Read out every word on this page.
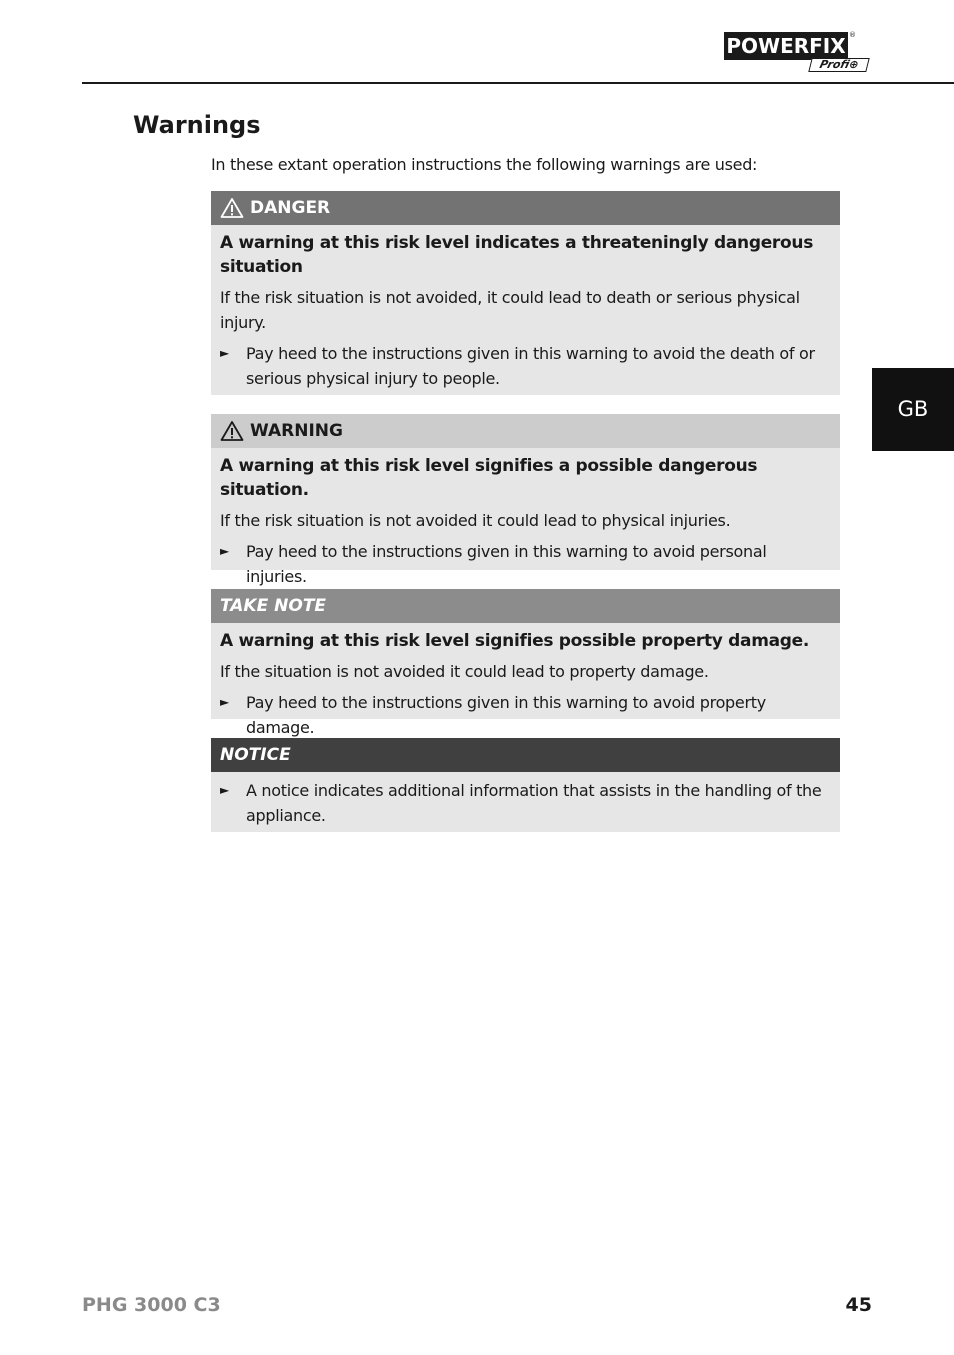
POWERFIX ®
Profi⊕
GB
Warnings
In these extant operation instructions the following warnings are used:
DANGER

A warning at this risk level indicates a threateningly dangerous situation

If the risk situation is not avoided, it could lead to death or serious physical injury.

►	Pay heed to the instructions given in this warning to avoid the death of or serious physical injury to people.
WARNING

A warning at this risk level signifies a possible dangerous situation.

If the risk situation is not avoided it could lead to physical injuries.

►	Pay heed to the instructions given in this warning to avoid personal injuries.
TAKE NOTE

A warning at this risk level signifies possible property damage.

If the situation is not avoided it could lead to property damage.

►	Pay heed to the instructions given in this warning to avoid property damage.
NOTICE
►	A notice indicates additional information that assists in the handling of the appliance.
PHG 3000 C3	45
